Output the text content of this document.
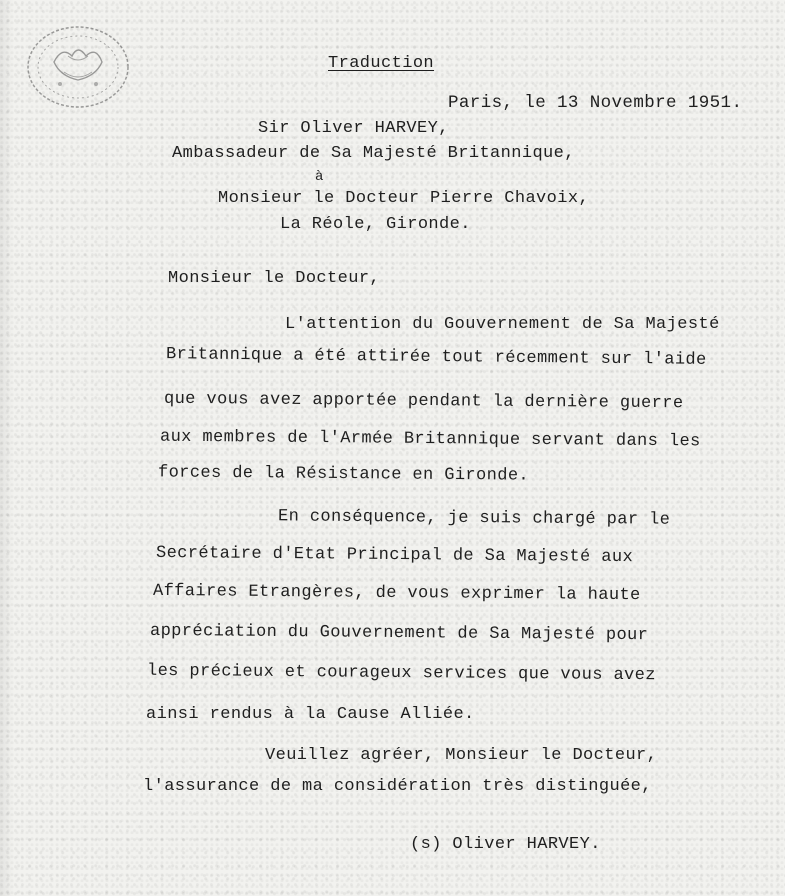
Traduction
Paris, le 13 Novembre 1951.
Sir Oliver HARVEY,
Ambassadeur de Sa Majesté Britannique,
à
Monsieur le Docteur Pierre Chavoix,
La Réole, Gironde.
Monsieur le Docteur,
L'attention du Gouvernement de Sa Majesté
Britannique a été attirée tout récemment sur l'aide
que vous avez apportée pendant la dernière guerre
aux membres de l'Armée Britannique servant dans les
forces de la Résistance en Gironde.
En conséquence, je suis chargé par le
Secrétaire d'Etat Principal de Sa Majesté aux
Affaires Etrangères, de vous exprimer la haute
appréciation du Gouvernement de Sa Majesté pour
les précieux et courageux services que vous avez
ainsi rendus à la Cause Alliée.
Veuillez agréer, Monsieur le Docteur,
l'assurance de ma considération très distinguée,
(s) Oliver HARVEY.
